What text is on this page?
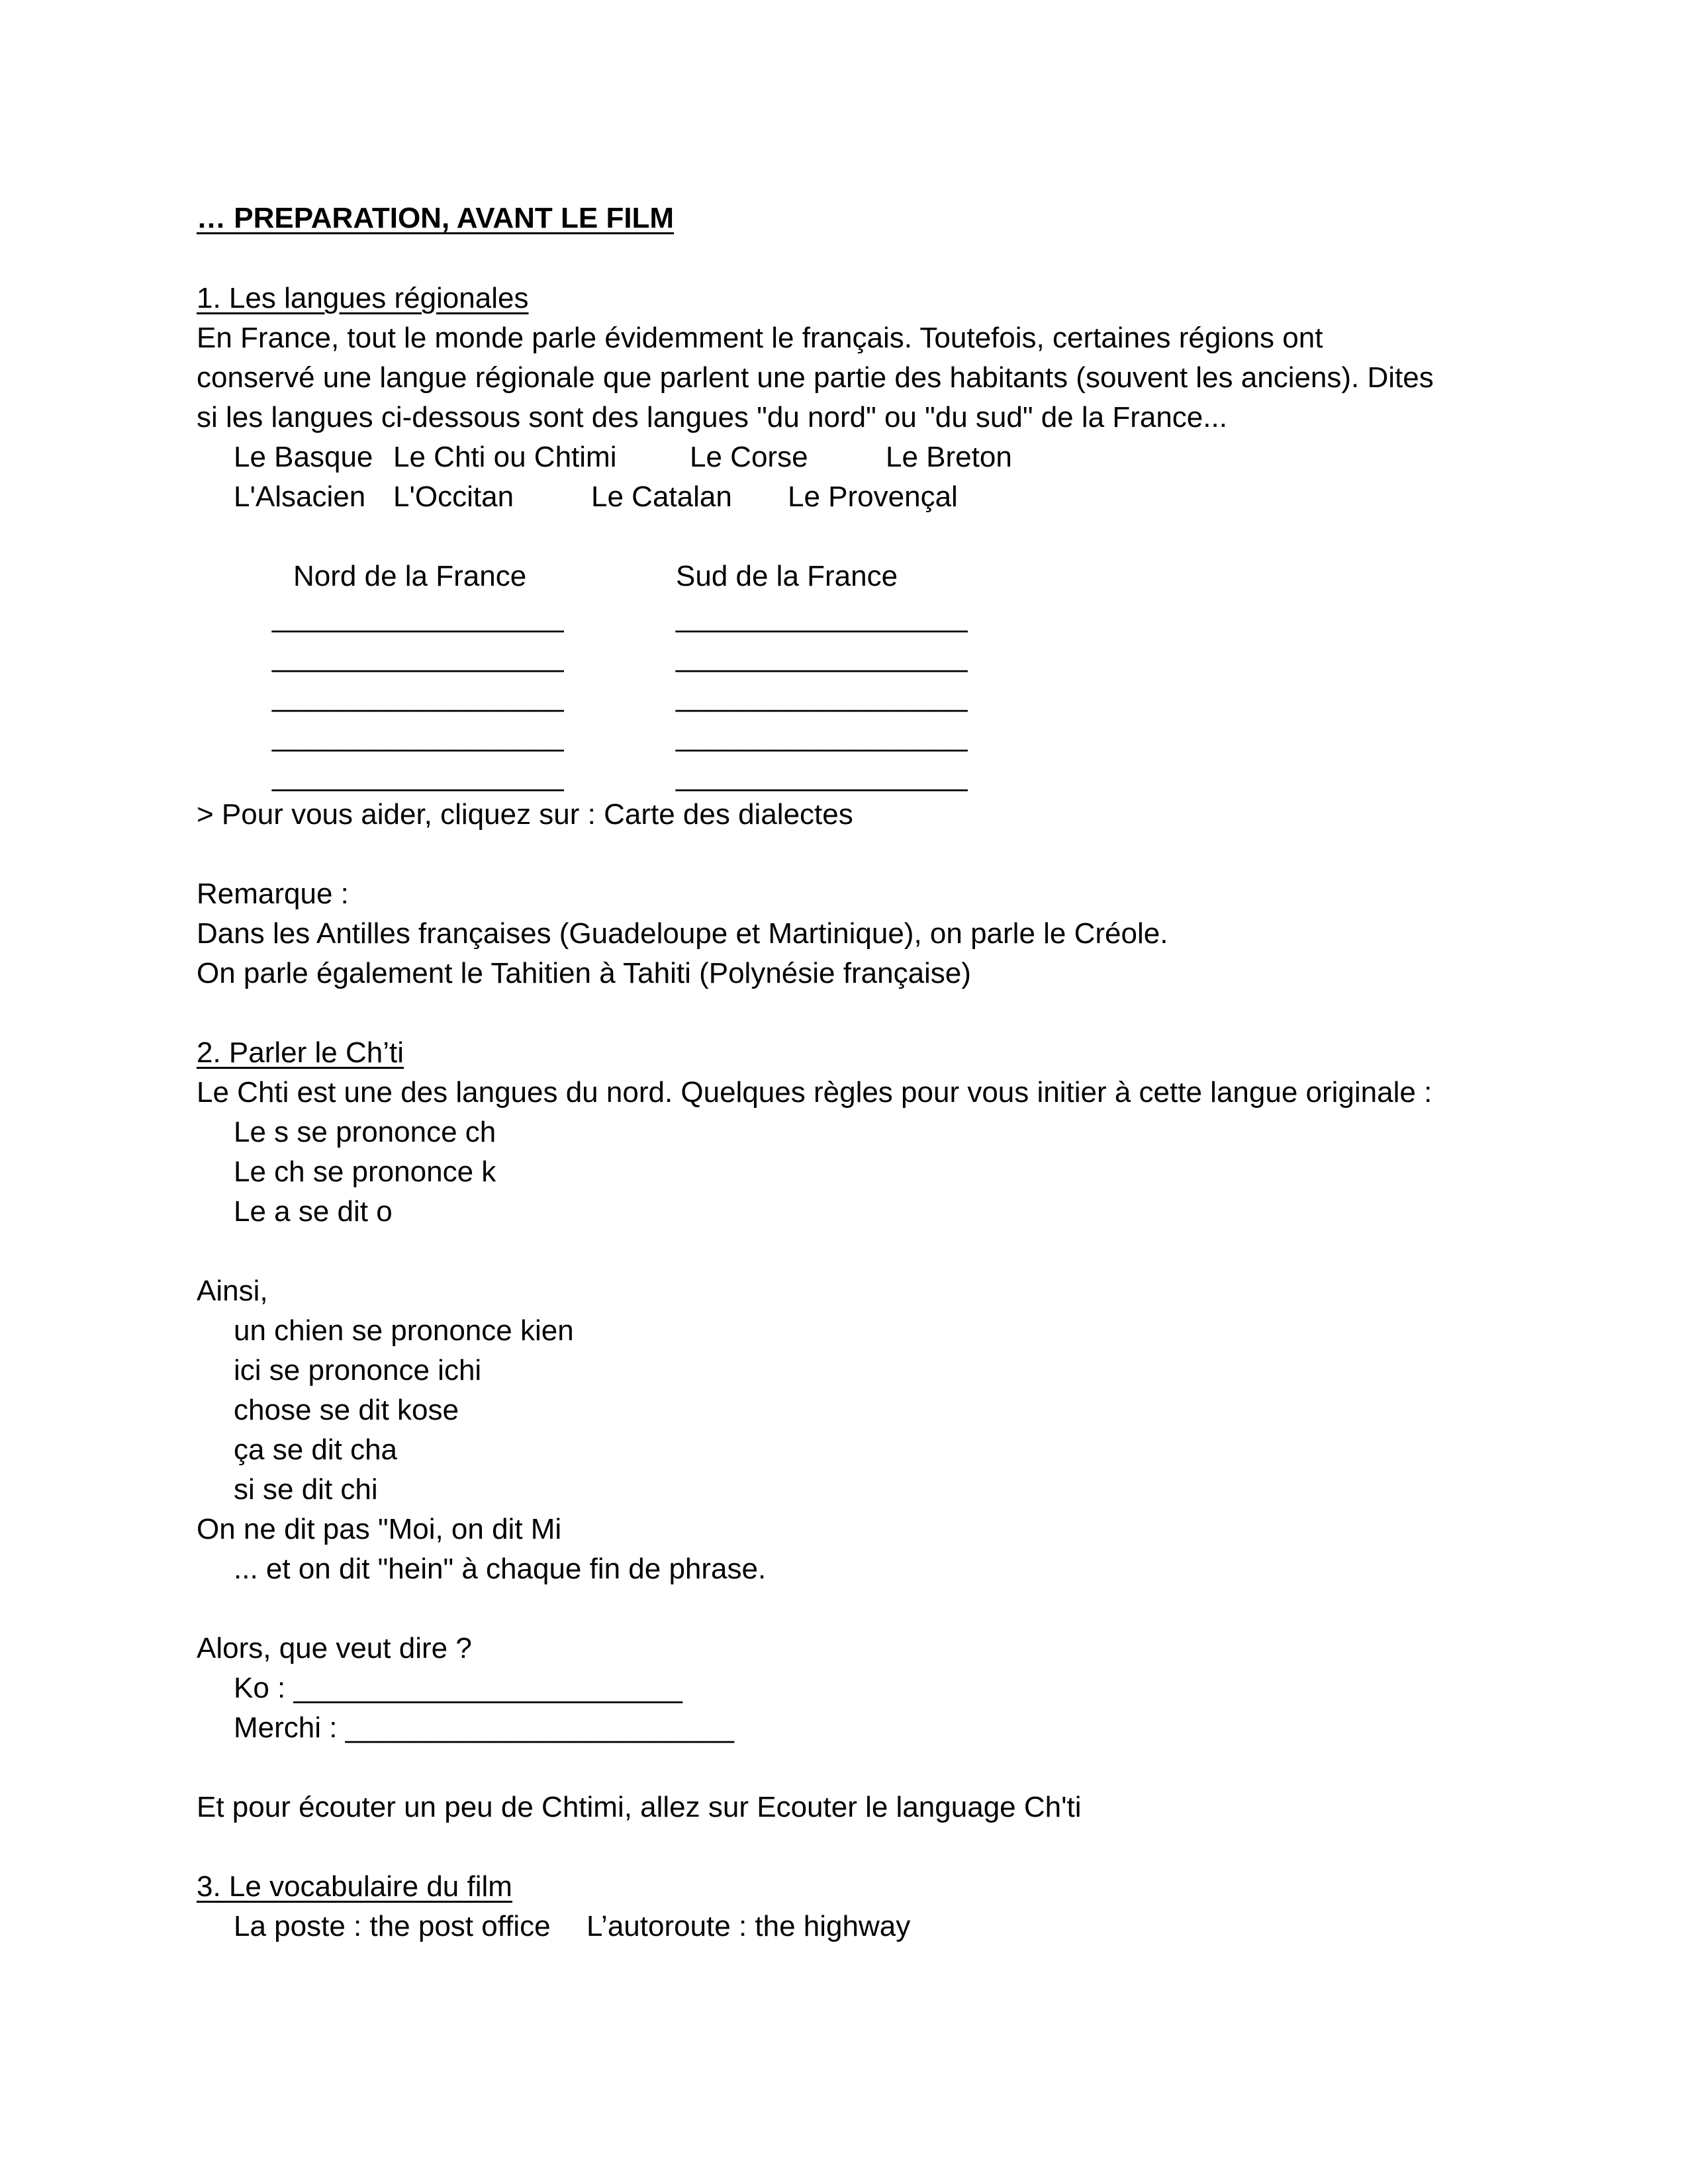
… PREPARATION, AVANT LE FILM
1. Les langues régionales
En France, tout le monde parle évidemment le français. Toutefois, certaines régions ont
conservé une langue régionale que parlent une partie des habitants (souvent les anciens). Dites
si les langues ci-dessous sont des langues "du nord" ou "du sud" de la France...
Le Basque Le Chti ou Chtimi	Le Corse	Le Breton
L'Alsacien L'Occitan	Le Catalan Le Provençal
Nord de la France	Sud de la France
__________________	__________________
__________________	__________________
__________________	__________________
__________________	__________________
__________________	__________________
> Pour vous aider, cliquez sur : Carte des dialectes
Remarque :
Dans les Antilles françaises (Guadeloupe et Martinique), on parle le Créole.
On parle également le Tahitien à Tahiti (Polynésie française)
2. Parler le Ch’ti
Le Chti est une des langues du nord. Quelques règles pour vous initier à cette langue originale :
Le s se prononce ch
Le ch se prononce k
Le a se dit o
Ainsi,
un chien se prononce kien
ici se prononce ichi
chose se dit kose
ça se dit cha
si se dit chi
On ne dit pas "Moi, on dit Mi
... et on dit "hein" à chaque fin de phrase.
Alors, que veut dire ?
Ko : ________________________
Merchi : ________________________
Et pour écouter un peu de Chtimi, allez sur Ecouter le language Ch'ti
3. Le vocabulaire du film
La poste : the post office L’autoroute : the highway
